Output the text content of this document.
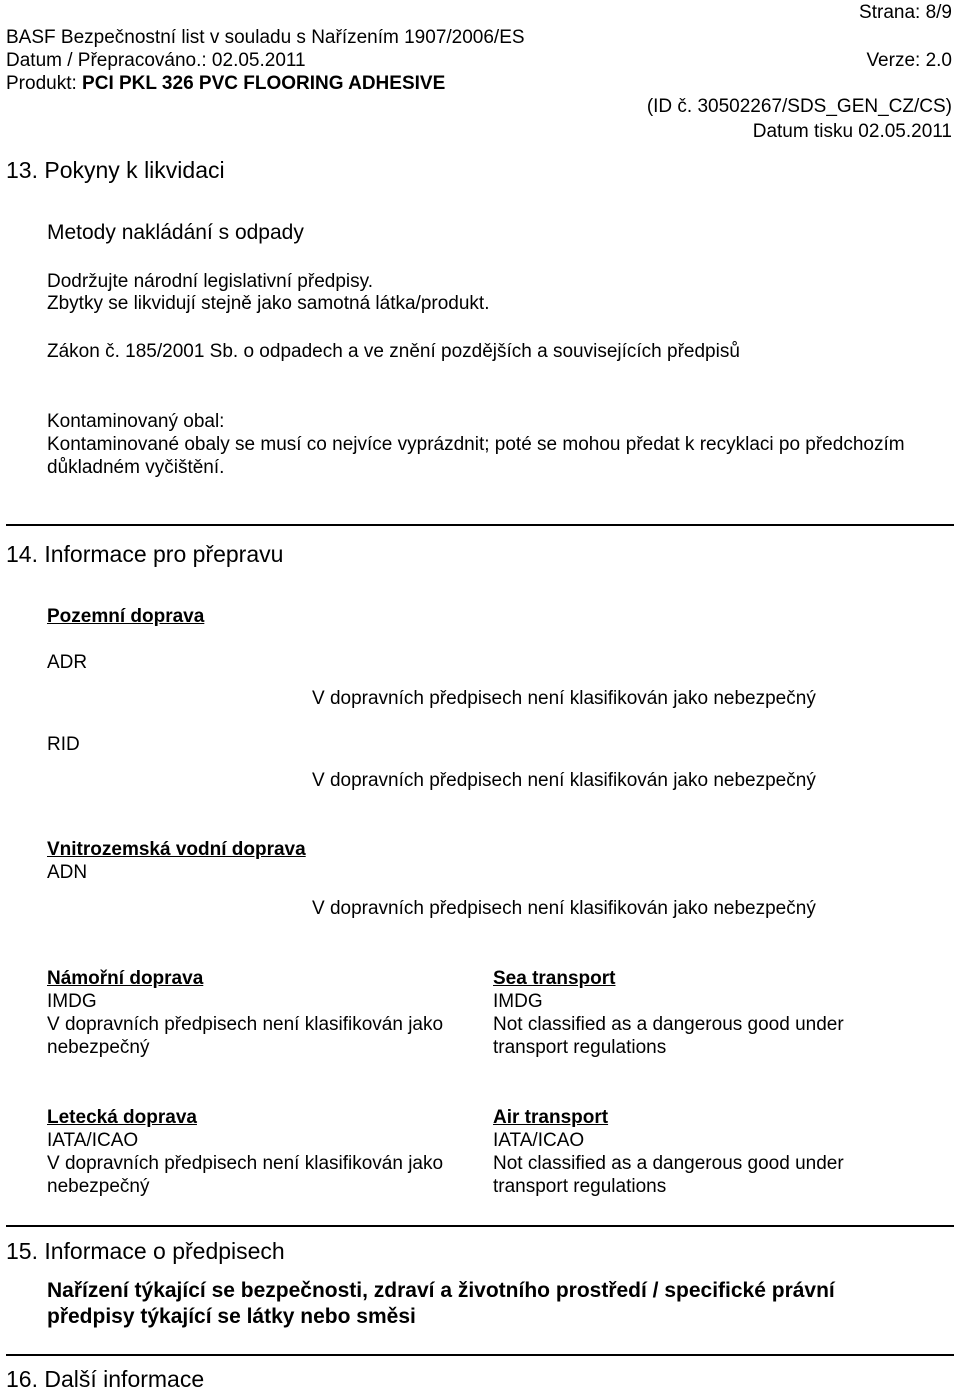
Strana: 8/9
BASF Bezpečnostní list v souladu s Nařízením 1907/2006/ES
Datum / Přepracováno.: 02.05.2011	Verze: 2.0
Produkt: PCI PKL 326 PVC FLOORING ADHESIVE
(ID č. 30502267/SDS_GEN_CZ/CS)
Datum tisku 02.05.2011
13. Pokyny k likvidaci
Metody nakládání s odpady
Dodržujte národní legislativní předpisy.
Zbytky se likvidují stejně jako samotná látka/produkt.
Zákon č. 185/2001 Sb. o odpadech a ve znění pozdějších a souvisejících předpisů
Kontaminovaný obal:
Kontaminované obaly se musí co nejvíce vyprázdnit; poté se mohou předat k recyklaci po předchozím
důkladném vyčištění.
14. Informace pro přepravu
Pozemní doprava
ADR
V dopravních předpisech není klasifikován jako nebezpečný
RID
V dopravních předpisech není klasifikován jako nebezpečný
Vnitrozemská vodní doprava
ADN
V dopravních předpisech není klasifikován jako nebezpečný
Námořní doprava
IMDG
V dopravních předpisech není klasifikován jako
nebezpečný
Sea transport
IMDG
Not classified as a dangerous good under
transport regulations
Letecká doprava
IATA/ICAO
V dopravních předpisech není klasifikován jako
nebezpečný
Air transport
IATA/ICAO
Not classified as a dangerous good under
transport regulations
15. Informace o předpisech
Nařízení týkající se bezpečnosti, zdraví a životního prostředí / specifické právní
předpisy týkající se látky nebo směsi
16. Další informace
